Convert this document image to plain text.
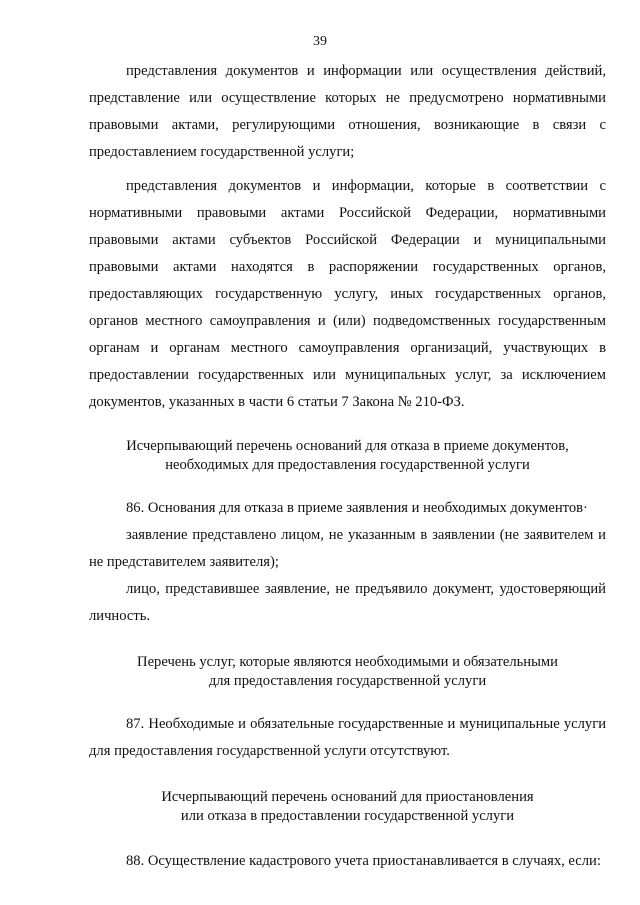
39

представления документов и информации или осуществления действий, представление или осуществление которых не предусмотрено нормативными правовыми актами, регулирующими отношения, возникающие в связи с предоставлением государственной услуги;

представления документов и информации, которые в соответствии с нормативными правовыми актами Российской Федерации, нормативными правовыми актами субъектов Российской Федерации и муниципальными правовыми актами находятся в распоряжении государственных органов, предоставляющих государственную услугу, иных государственных органов, органов местного самоуправления и (или) подведомственных государственным органам и органам местного самоуправления организаций, участвующих в предоставлении государственных или муниципальных услуг, за исключением документов, указанных в части 6 статьи 7 Закона № 210-ФЗ.

Исчерпывающий перечень оснований для отказа в приеме документов,
необходимых для предоставления государственной услуги

86. Основания для отказа в приеме заявления и необходимых документов·

заявление представлено лицом, не указанным в заявлении (не заявителем и не представителем заявителя);

лицо, представившее заявление, не предъявило документ, удостоверяющий личность.

Перечень услуг, которые являются необходимыми и обязательными
для предоставления государственной услуги

87. Необходимые и обязательные государственные и муниципальные услуги для предоставления государственной услуги отсутствуют.

Исчерпывающий перечень оснований для приостановления
или отказа в предоставлении государственной услуги

88. Осуществление кадастрового учета приостанавливается в случаях, если:
